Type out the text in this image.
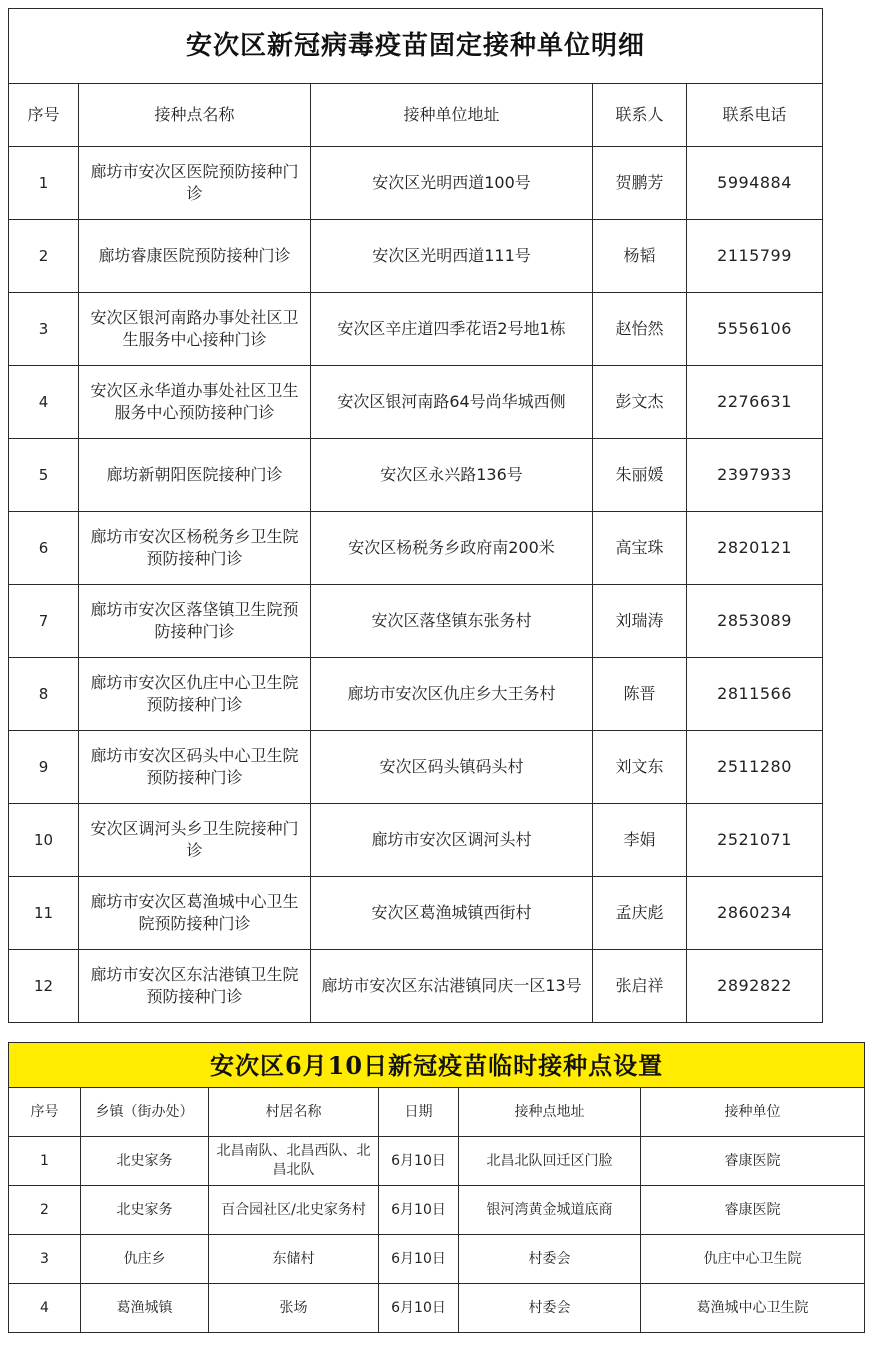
安次区新冠病毒疫苗固定接种单位明细				
序号	接种点名称	接种单位地址	联系人	联系电话
1	廊坊市安次区医院预防接种门诊	安次区光明西道100号	贺鹏芳	5994884
2	廊坊睿康医院预防接种门诊	安次区光明西道111号	杨韬	2115799
3	安次区银河南路办事处社区卫生服务中心接种门诊	安次区辛庄道四季花语2号地1栋	赵怡然	5556106
4	安次区永华道办事处社区卫生服务中心预防接种门诊	安次区银河南路64号尚华城西侧	彭文杰	2276631
5	廊坊新朝阳医院接种门诊	安次区永兴路136号	朱丽媛	2397933
6	廊坊市安次区杨税务乡卫生院预防接种门诊	安次区杨税务乡政府南200米	高宝珠	2820121
7	廊坊市安次区落垡镇卫生院预防接种门诊	安次区落垡镇东张务村	刘瑞涛	2853089
8	廊坊市安次区仇庄中心卫生院预防接种门诊	廊坊市安次区仇庄乡大王务村	陈晋	2811566
9	廊坊市安次区码头中心卫生院预防接种门诊	安次区码头镇码头村	刘文东	2511280
10	安次区调河头乡卫生院接种门诊	廊坊市安次区调河头村	李娟	2521071
11	廊坊市安次区葛渔城中心卫生院预防接种门诊	安次区葛渔城镇西街村	孟庆彪	2860234
12	廊坊市安次区东沽港镇卫生院预防接种门诊	廊坊市安次区东沽港镇同庆一区13号	张启祥	2892822
安次区6月10日新冠疫苗临时接种点设置					
序号	乡镇（街办处）	村居名称	日期	接种点地址	接种单位
1	北史家务	北昌南队、北昌西队、北昌北队	6月10日	北昌北队回迁区门脸	睿康医院
2	北史家务	百合园社区/北史家务村	6月10日	银河湾黄金城道底商	睿康医院
3	仇庄乡	东储村	6月10日	村委会	仇庄中心卫生院
4	葛渔城镇	张场	6月10日	村委会	葛渔城中心卫生院
